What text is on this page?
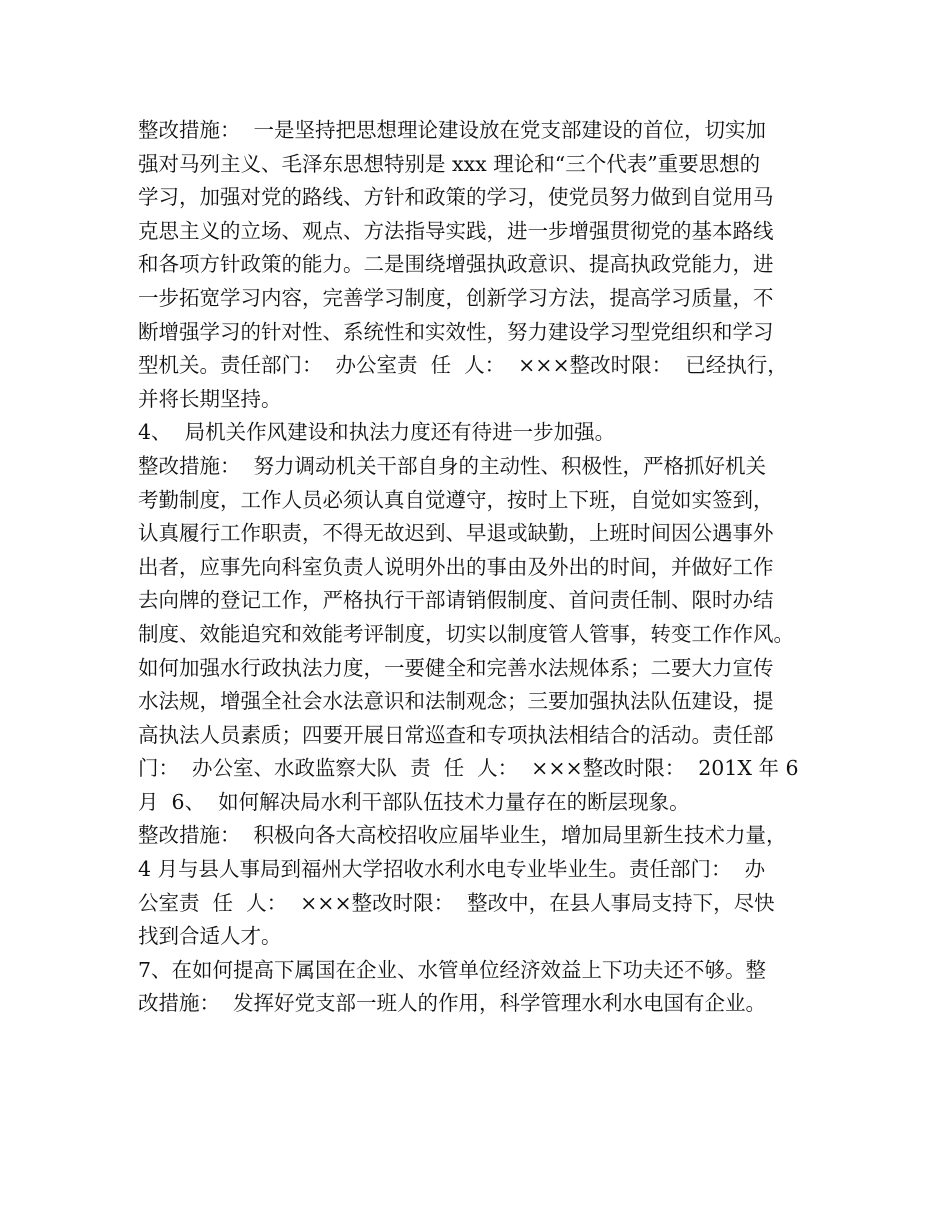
整改措施：  一是坚持把思想理论建设放在党支部建设的首位，切实加

强对马列主义、毛泽东思想特别是 xxx 理论和“三个代表”重要思想的

学习，加强对党的路线、方针和政策的学习，使党员努力做到自觉用马

克思主义的立场、观点、方法指导实践，进一步增强贯彻党的基本路线

和各项方针政策的能力。二是围绕增强执政意识、提高执政党能力，进

一步拓宽学习内容，完善学习制度，创新学习方法，提高学习质量，不

断增强学习的针对性、系统性和实效性，努力建设学习型党组织和学习

型机关。责任部门：  办公室责  任  人：  ×××整改时限：  已经执行，

并将长期坚持。

4、  局机关作风建设和执法力度还有待进一步加强。

整改措施：  努力调动机关干部自身的主动性、积极性，严格抓好机关

考勤制度，工作人员必须认真自觉遵守，按时上下班，自觉如实签到，

认真履行工作职责，不得无故迟到、早退或缺勤，上班时间因公遇事外

出者，应事先向科室负责人说明外出的事由及外出的时间，并做好工作

去向牌的登记工作，严格执行干部请销假制度、首问责任制、限时办结

制度、效能追究和效能考评制度，切实以制度管人管事，转变工作作风。

如何加强水行政执法力度，一要健全和完善水法规体系；二要大力宣传

水法规，增强全社会水法意识和法制观念；三要加强执法队伍建设，提

高执法人员素质；四要开展日常巡查和专项执法相结合的活动。责任部

门：  办公室、水政监察大队  责  任  人：  ×××整改时限：  201X 年 6

月  6、  如何解决局水利干部队伍技术力量存在的断层现象。

整改措施：  积极向各大高校招收应届毕业生，增加局里新生技术力量，

4 月与县人事局到福州大学招收水利水电专业毕业生。责任部门：  办

公室责  任  人：  ×××整改时限：  整改中，在县人事局支持下，尽快

找到合适人才。

7、在如何提高下属国在企业、水管单位经济效益上下功夫还不够。整

改措施：  发挥好党支部一班人的作用，科学管理水利水电国有企业。
